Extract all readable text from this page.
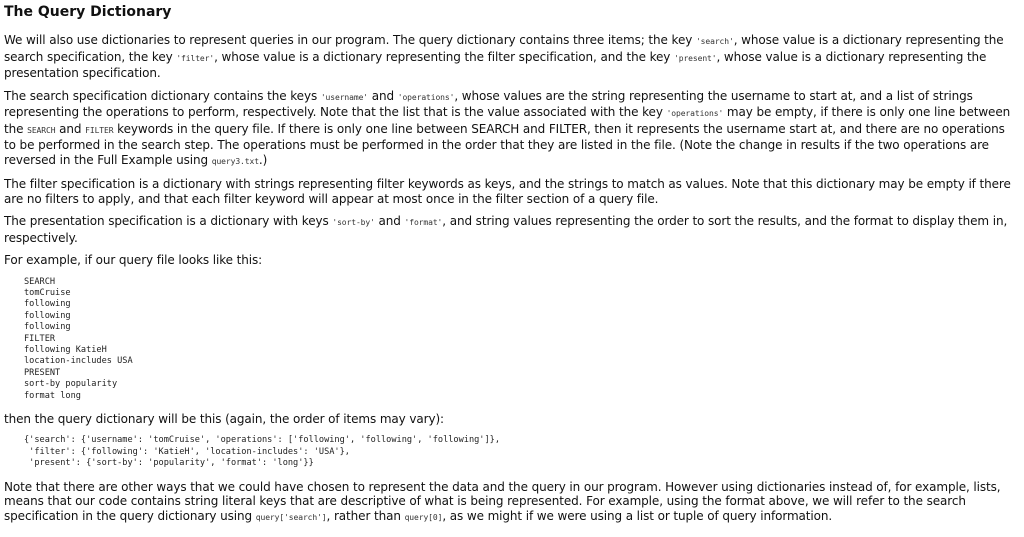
The Query Dictionary

We will also use dictionaries to represent queries in our program. The query dictionary contains three items; the key 'search', whose value is a dictionary representing the search specification, the key 'filter', whose value is a dictionary representing the filter specification, and the key 'present', whose value is a dictionary representing the presentation specification.

The search specification dictionary contains the keys 'username' and 'operations', whose values are the string representing the username to start at, and a list of strings representing the operations to perform, respectively. Note that the list that is the value associated with the key 'operations' may be empty, if there is only one line between the SEARCH and FILTER keywords in the query file. If there is only one line between SEARCH and FILTER, then it represents the username start at, and there are no operations to be performed in the search step. The operations must be performed in the order that they are listed in the file. (Note the change in results if the two operations are reversed in the Full Example using query3.txt.)

The filter specification is a dictionary with strings representing filter keywords as keys, and the strings to match as values. Note that this dictionary may be empty if there are no filters to apply, and that each filter keyword will appear at most once in the filter section of a query file.

The presentation specification is a dictionary with keys 'sort-by' and 'format', and string values representing the order to sort the results, and the format to display them in, respectively.

For example, if our query file looks like this:

SEARCH
tomCruise
following
following
following
FILTER
following KatieH
location-includes USA
PRESENT
sort-by popularity
format long

then the query dictionary will be this (again, the order of items may vary):

{'search': {'username': 'tomCruise', 'operations': ['following', 'following', 'following']},
'filter': {'following': 'KatieH', 'location-includes': 'USA'},
'present': {'sort-by': 'popularity', 'format': 'long'}}

Note that there are other ways that we could have chosen to represent the data and the query in our program. However using dictionaries instead of, for example, lists, means that our code contains string literal keys that are descriptive of what is being represented. For example, using the format above, we will refer to the search specification in the query dictionary using query['search'], rather than query[0], as we might if we were using a list or tuple of query information.
